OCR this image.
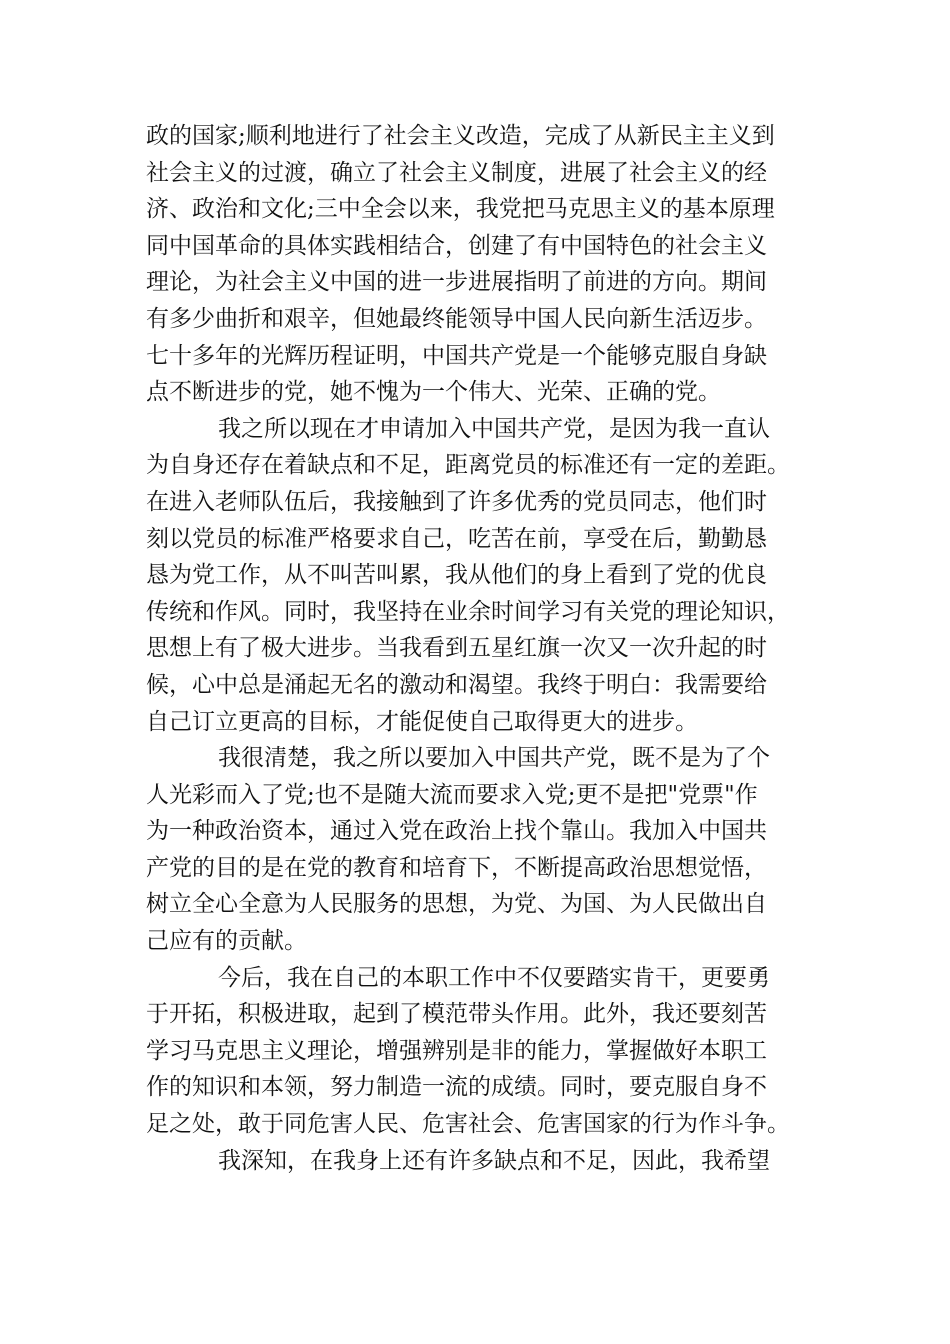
政的国家;顺利地进行了社会主义改造，完成了从新民主主义到
社会主义的过渡，确立了社会主义制度，进展了社会主义的经
济、政治和文化;三中全会以来，我党把马克思主义的基本原理
同中国革命的具体实践相结合，创建了有中国特色的社会主义
理论，为社会主义中国的进一步进展指明了前进的方向。期间
有多少曲折和艰辛，但她最终能领导中国人民向新生活迈步。
七十多年的光辉历程证明，中国共产党是一个能够克服自身缺
点不断进步的党，她不愧为一个伟大、光荣、正确的党。
我之所以现在才申请加入中国共产党，是因为我一直认
为自身还存在着缺点和不足，距离党员的标准还有一定的差距。
在进入老师队伍后，我接触到了许多优秀的党员同志，他们时
刻以党员的标准严格要求自己，吃苦在前，享受在后，勤勤恳
恳为党工作，从不叫苦叫累，我从他们的身上看到了党的优良
传统和作风。同时，我坚持在业余时间学习有关党的理论知识，
思想上有了极大进步。当我看到五星红旗一次又一次升起的时
候，心中总是涌起无名的激动和渴望。我终于明白：我需要给
自己订立更高的目标，才能促使自己取得更大的进步。
我很清楚，我之所以要加入中国共产党，既不是为了个
人光彩而入了党;也不是随大流而要求入党;更不是把"党票"作
为一种政治资本，通过入党在政治上找个靠山。我加入中国共
产党的目的是在党的教育和培育下，不断提高政治思想觉悟，
树立全心全意为人民服务的思想，为党、为国、为人民做出自
己应有的贡献。
今后，我在自己的本职工作中不仅要踏实肯干，更要勇
于开拓，积极进取，起到了模范带头作用。此外，我还要刻苦
学习马克思主义理论，增强辨别是非的能力，掌握做好本职工
作的知识和本领，努力制造一流的成绩。同时，要克服自身不
足之处，敢于同危害人民、危害社会、危害国家的行为作斗争。
我深知，在我身上还有许多缺点和不足，因此，我希望
